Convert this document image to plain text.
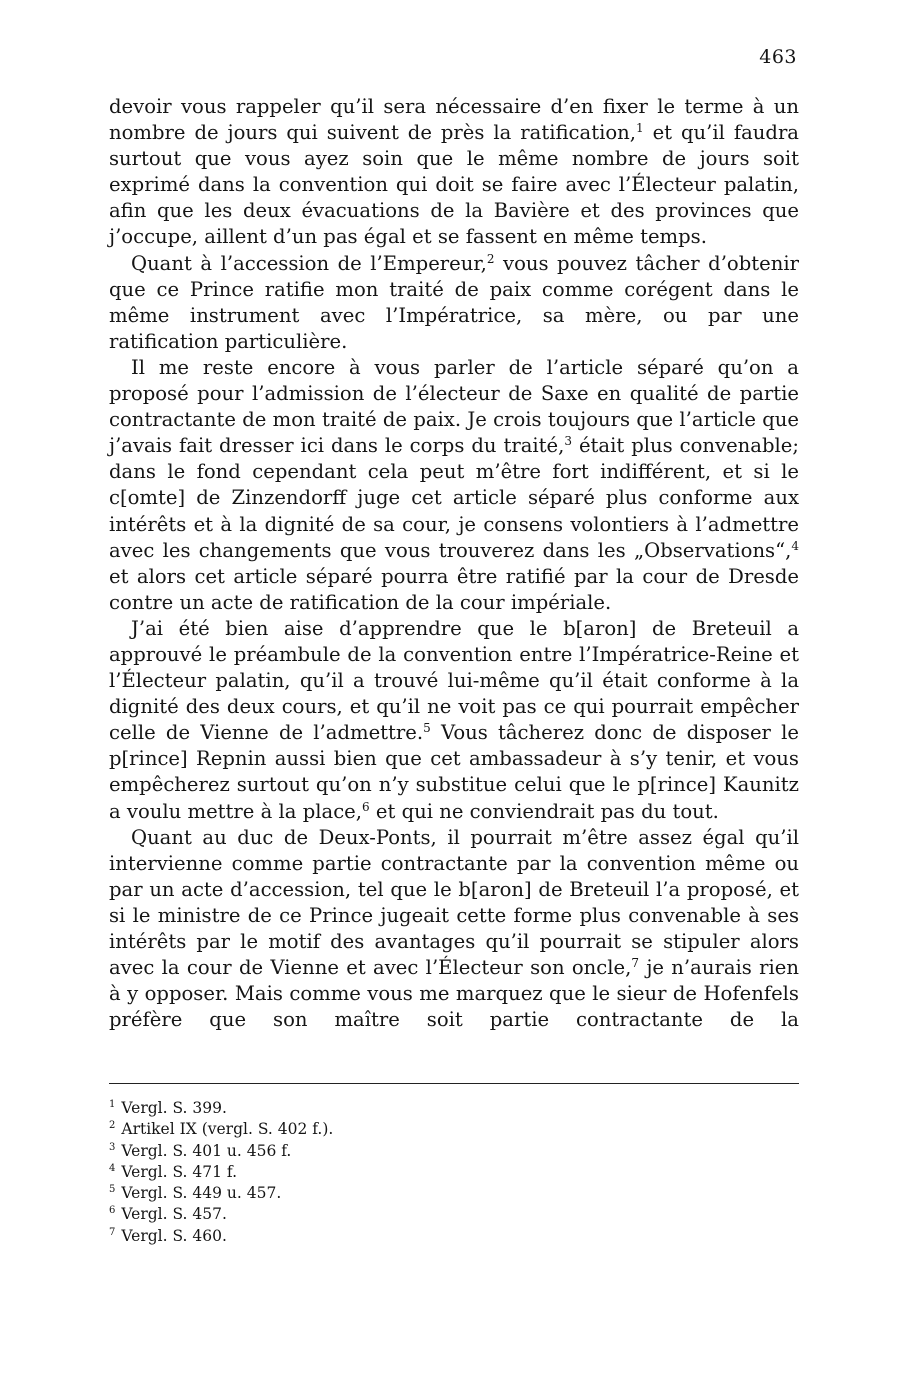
463

devoir vous rappeler qu’il sera nécessaire d’en fixer le terme à un nombre de jours qui suivent de près la ratification,$^1$ et qu’il faudra surtout que vous ayez soin que le même nombre de jours soit exprimé dans la convention qui doit se faire avec l’Électeur palatin, afin que les deux évacuations de la Bavière et des provinces que j’occupe, aillent d’un pas égal et se fassent en même temps.

Quant à l’accession de l’Empereur,$^2$ vous pouvez tâcher d’obtenir que ce Prince ratifie mon traité de paix comme corégent dans le même instrument avec l’Impératrice, sa mère, ou par une ratification particulière.

Il me reste encore à vous parler de l’article séparé qu’on a proposé pour l’admission de l’électeur de Saxe en qualité de partie contractante de mon traité de paix. Je crois toujours que l’article que j’avais fait dresser ici dans le corps du traité,$^3$ était plus convenable; dans le fond cependant cela peut m’être fort indifférent, et si le c[omte] de Zinzendorff juge cet article séparé plus conforme aux intérêts et à la dignité de sa cour, je consens volontiers à l’admettre avec les changements que vous trouverez dans les „Observations“,$^4$ et alors cet article séparé pourra être ratifié par la cour de Dresde contre un acte de ratification de la cour impériale.

J’ai été bien aise d’apprendre que le b[aron] de Breteuil a approuvé le préambule de la convention entre l’Impératrice-Reine et l’Électeur palatin, qu’il a trouvé lui-même qu’il était conforme à la dignité des deux cours, et qu’il ne voit pas ce qui pourrait empêcher celle de Vienne de l’admettre.$^5$ Vous tâcherez donc de disposer le p[rince] Repnin aussi bien que cet ambassadeur à s’y tenir, et vous empêcherez surtout qu’on n’y substitue celui que le p[rince] Kaunitz a voulu mettre à la place,$^6$ et qui ne conviendrait pas du tout.

Quant au duc de Deux-Ponts, il pourrait m’être assez égal qu’il intervienne comme partie contractante par la convention même ou par un acte d’accession, tel que le b[aron] de Breteuil l’a proposé, et si le ministre de ce Prince jugeait cette forme plus convenable à ses intérêts par le motif des avantages qu’il pourrait se stipuler alors avec la cour de Vienne et avec l’Électeur son oncle,$^7$ je n’aurais rien à y opposer. Mais comme vous me marquez que le sieur de Hofenfels préfère que son maître soit partie contractante de la

$^1$ Vergl. S. 399.
$^2$ Artikel IX (vergl. S. 402 f.).
$^3$ Vergl. S. 401 u. 456 f.
$^4$ Vergl. S. 471 f.
$^5$ Vergl. S. 449 u. 457.
$^6$ Vergl. S. 457.
$^7$ Vergl. S. 460.
